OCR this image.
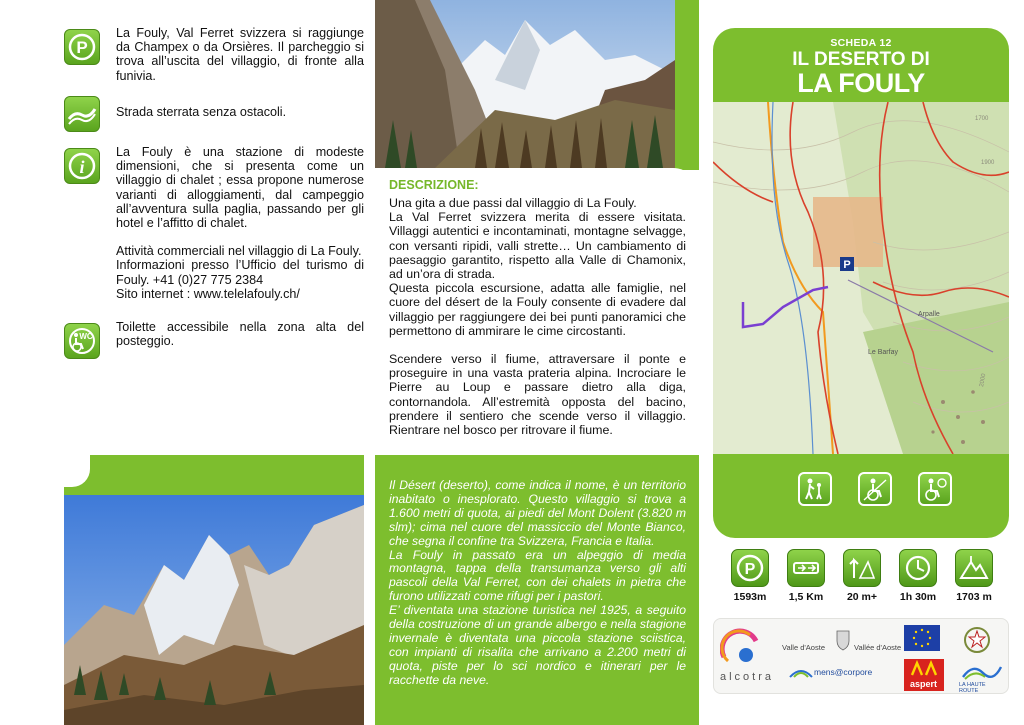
P
La Fouly, Val Ferret svizzera si raggiunge da Champex o da Orsières. Il parcheggio si trova all’uscita del villaggio, di fronte alla funivia.
Strada sterrata senza ostacoli.
i

La Fouly è una stazione di modeste dimensioni, che si presenta come un villaggio di chalet ; essa propone numerose varianti di alloggiamenti, dal campeggio all’avventura sulla paglia, passando per gli hotel e l’affitto di chalet.

Attività commerciali nel villaggio di La Fouly.

Informazioni presso l’Ufficio del turismo di Fouly. +41 (0)27 775 2384

Sito internet : www.telelafouly.ch/

WC
Toilette accessibile nella zona alta del posteggio.
DESCRIZIONE:

Una gita a due passi dal villaggio di La Fouly.

La Val Ferret svizzera merita di essere visitata. Villaggi autentici e incontaminati, montagne selvagge, con versanti ripidi, valli strette… Un cambiamento di paesaggio garantito, rispetto alla Valle di Chamonix, ad un’ora di strada.

Questa piccola escursione, adatta alle famiglie, nel cuore del désert de la Fouly consente di evadere dal villaggio per raggiungere dei bei punti panoramici che permettono di ammirare le cime circostanti.

Scendere verso il fiume, attraversare il ponte e proseguire in una vasta prateria alpina. Incrociare le Pierre au Loup e passare dietro alla diga, contornandola. All’estremità opposta del bacino, prendere il sentiero che scende verso il villaggio. Rientrare nel bosco per ritrovare il fiume.

Il Désert (deserto), come indica il nome, è un territorio inabitato o inesplorato. Questo villaggio si trova a 1.600 metri di quota, ai piedi del Mont Dolent (3.820 m slm); cima nel cuore del massiccio del Monte Bianco, che segna il confine tra Svizzera, Francia e Italia.

La Fouly in passato era un alpeggio di media montagna, tappa della transumanza verso gli alti pascoli della Val Ferret, con dei chalets in pietra che furono utilizzati come rifugi per i pastori.

E’ diventata una stazione turistica nel 1925, a seguito della costruzione di un grande albergo e nella stagione invernale è diventata una piccola stazione sciistica, con impianti di risalita che arrivano a 2.200 metri di quota, piste per lo sci nordico e itinerari per le racchette da neve.

SCHEDA 12
IL DESERTO DI
LA FOULY
P
Arpalle
Le Barfay
1900
2000
1700
P
1593m	1,5 Km	20 m+	1h 30m	1703 m
alcotra
Valle d'Aoste	Vallée d'Aoste
mens@corpore
aspert	LA HAUTE ROUTE
